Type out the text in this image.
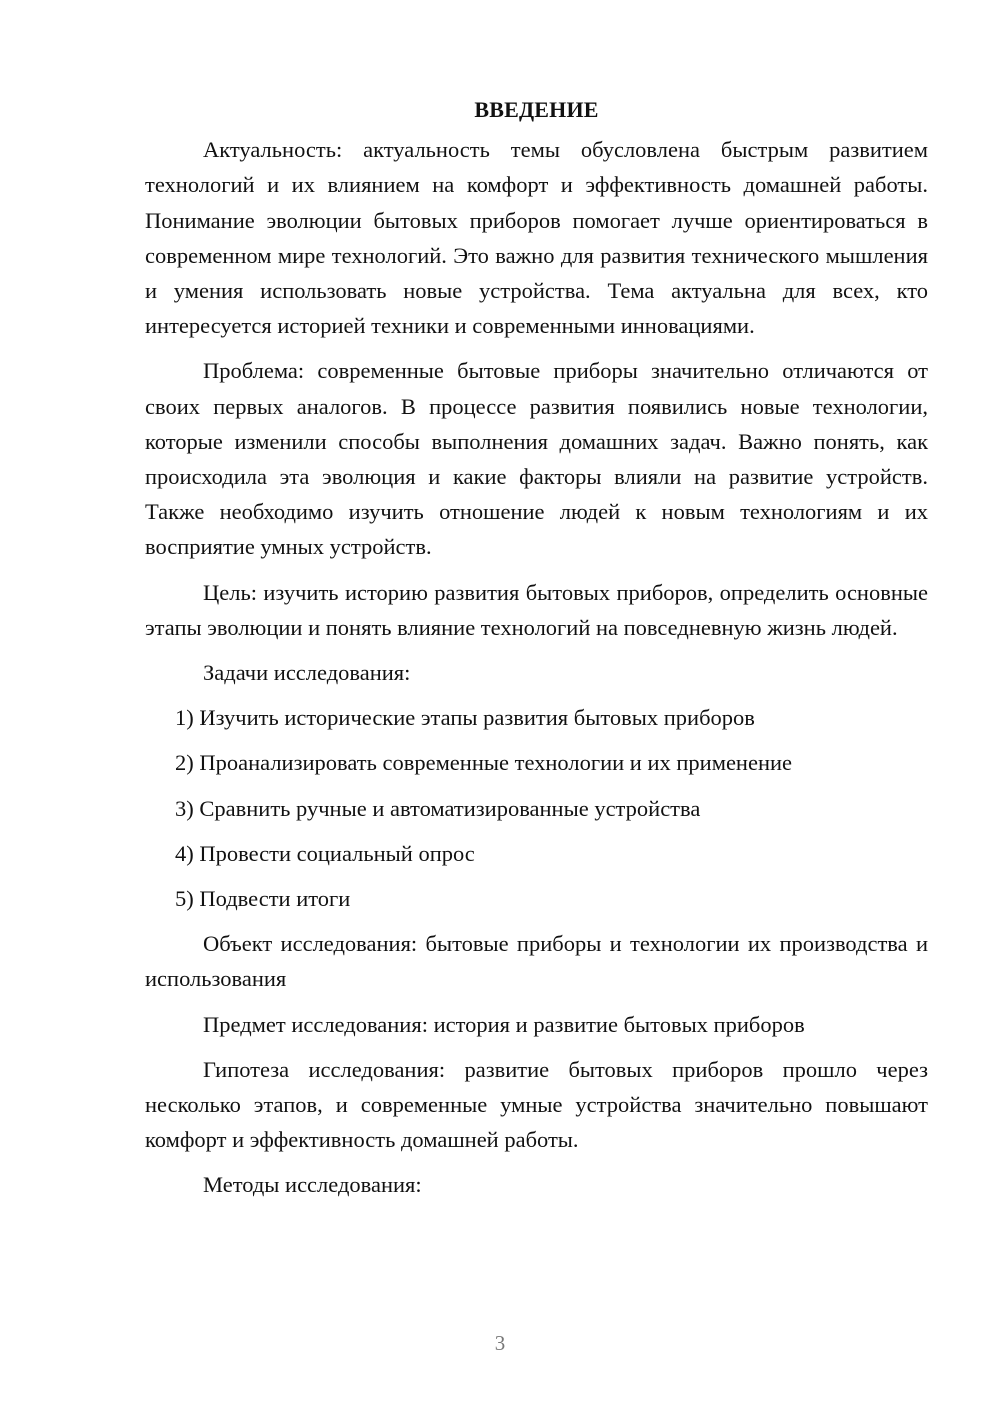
ВВЕДЕНИЕ

Актуальность: актуальность темы обусловлена быстрым развитием технологий и их влиянием на комфорт и эффективность домашней работы. Понимание эволюции бытовых приборов помогает лучше ориентироваться в современном мире технологий. Это важно для развития технического мышления и умения использовать новые устройства. Тема актуальна для всех, кто интересуется историей техники и современными инновациями.

Проблема: современные бытовые приборы значительно отличаются от своих первых аналогов. В процессе развития появились новые технологии, которые изменили способы выполнения домашних задач. Важно понять, как происходила эта эволюция и какие факторы влияли на развитие устройств. Также необходимо изучить отношение людей к новым технологиям и их восприятие умных устройств.

Цель: изучить историю развития бытовых приборов, определить основные этапы эволюции и понять влияние технологий на повседневную жизнь людей.

Задачи исследования:

1) Изучить исторические этапы развития бытовых приборов

2) Проанализировать современные технологии и их применение

3) Сравнить ручные и автоматизированные устройства

4) Провести социальный опрос

5) Подвести итоги

Объект исследования: бытовые приборы и технологии их производства и использования

Предмет исследования: история и развитие бытовых приборов

Гипотеза исследования: развитие бытовых приборов прошло через несколько этапов, и современные умные устройства значительно повышают комфорт и эффективность домашней работы.

Методы исследования:

3
